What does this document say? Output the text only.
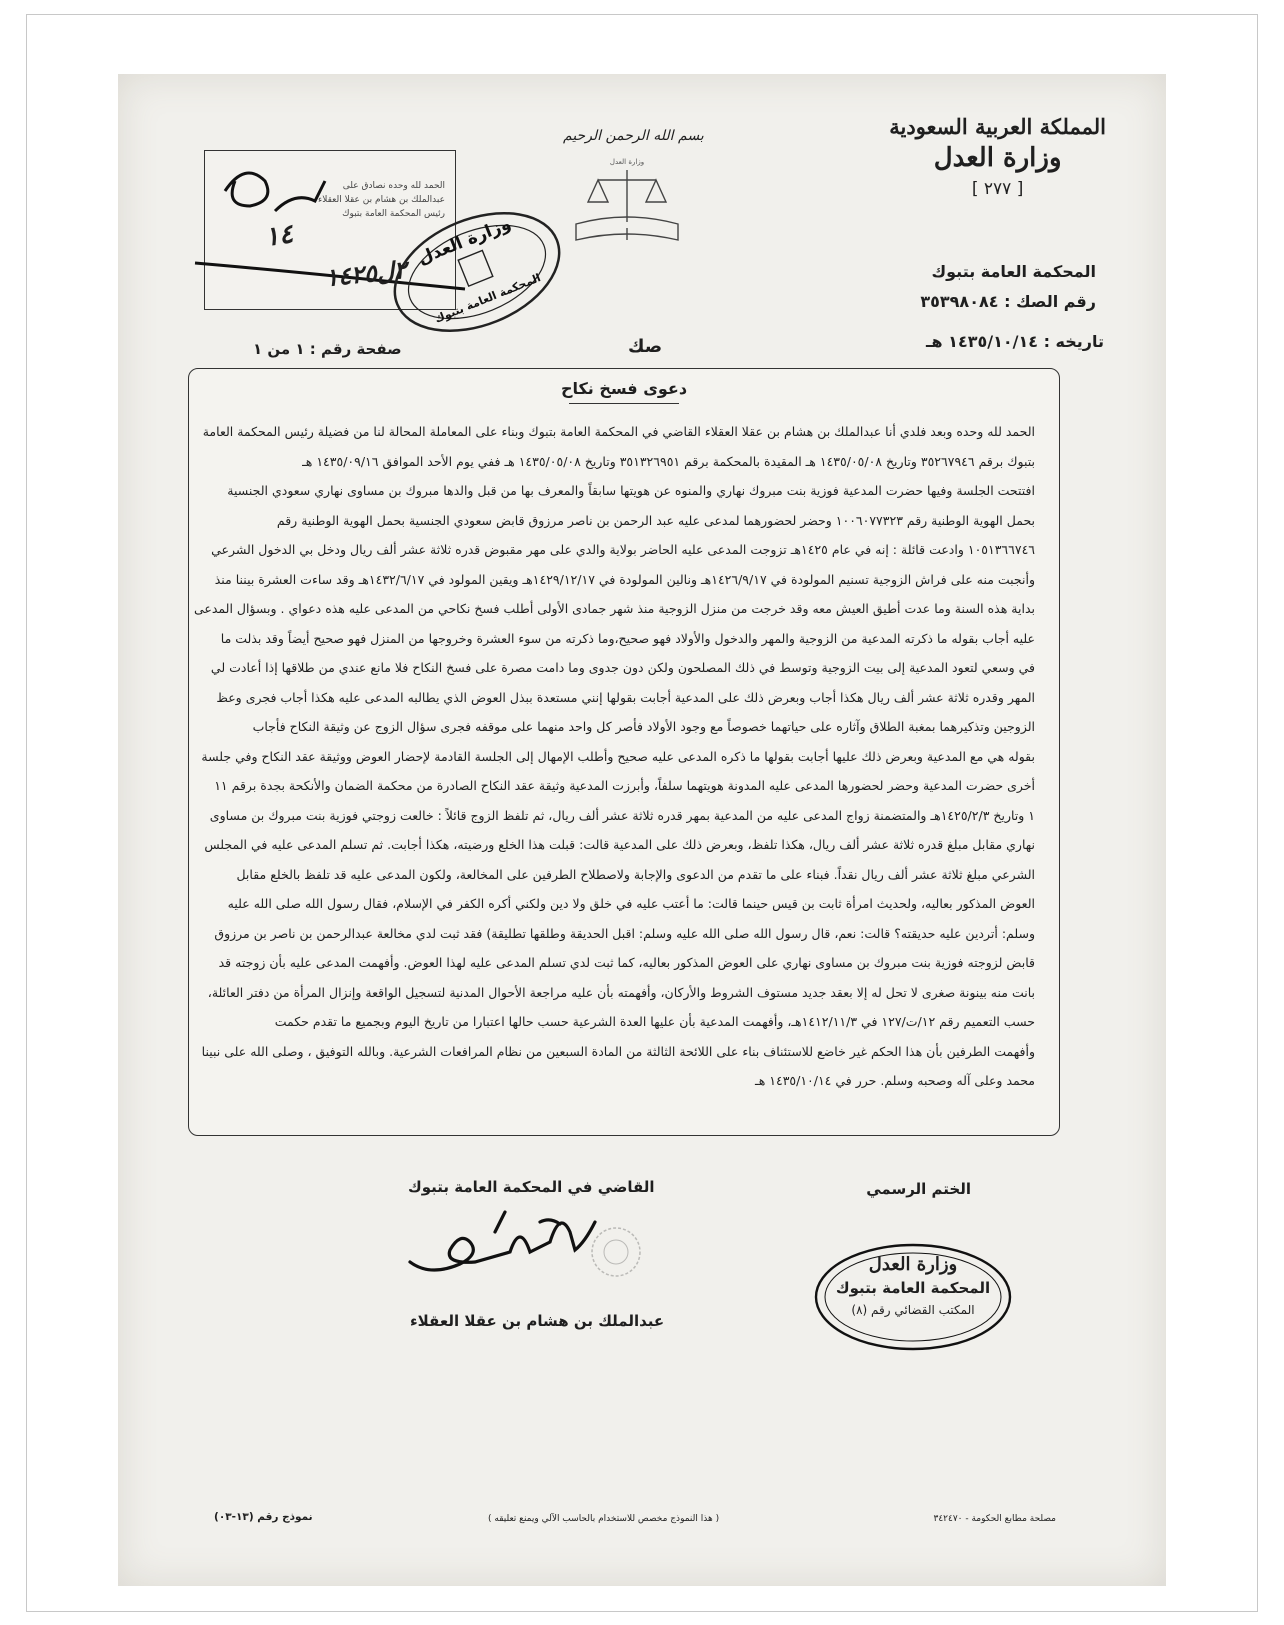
المملكة العربية السعودية
وزارة العدل
[ ٢٧٧ ]
بسم الله الرحمن الرحيم
وزارة العدل
الحمد لله وحده نصادق على
عبدالملك بن هشام بن عقلا العقلاء
رئيس المحكمة العامة بتبوك
١٤
٢ل١٤٢٥
وزارة العدل
المحكمة العامة بتبوك	المحكمة العامة بتبوك
رقم الصك : ٣٥٣٩٨٠٨٤
تاريخه : ١٤٣٥/١٠/١٤ هـ
صك
صفحة رقم : ١ من ١
دعوى فسخ نكاح

الحمد لله وحده وبعد فلدي أنا عبدالملك بن هشام بن عقلا العقلاء القاضي في المحكمة العامة بتبوك وبناء على المعاملة المحالة لنا من فضيلة رئيس المحكمة العامة

بتبوك برقم ٣٥٢٦٧٩٤٦ وتاريخ ١٤٣٥/٠٥/٠٨ هـ المقيدة بالمحكمة برقم ٣٥١٣٢٦٩٥١ وتاريخ ١٤٣٥/٠٥/٠٨ هـ ففي يوم الأحد الموافق ١٤٣٥/٠٩/١٦ هـ

افتتحت الجلسة وفيها حضرت المدعية فوزية بنت مبروك نهاري والمنوه عن هويتها سابقاً والمعرف بها من قبل والدها مبروك بن مساوى نهاري سعودي الجنسية

بحمل الهوية الوطنية رقم ١٠٠٦٠٧٧٣٢٣ وحضر لحضورهما لمدعى عليه عبد الرحمن بن ناصر مرزوق قابض سعودي الجنسية بحمل الهوية الوطنية رقم

١٠٥١٣٦٦٧٤٦ وادعت قائلة : إنه في عام ١٤٢٥هـ تزوجت المدعى عليه الحاضر بولاية والدي على مهر مقبوض قدره ثلاثة عشر ألف ريال ودخل بي الدخول الشرعي

وأنجبت منه على فراش الزوجية تسنيم المولودة في ١٤٢٦/٩/١٧هـ ونالين المولودة في ١٤٢٩/١٢/١٧هـ ويقين المولود في ١٤٣٢/٦/١٧هـ وقد ساءت العشرة بيننا منذ

بداية هذه السنة وما عدت أطيق العيش معه وقد خرجت من منزل الزوجية منذ شهر جمادى الأولى أطلب فسخ نكاحي من المدعى عليه هذه دعواي . وبسؤال المدعى

عليه أجاب بقوله ما ذكرته المدعية من الزوجية والمهر والدخول والأولاد فهو صحيح،وما ذكرته من سوء العشرة وخروجها من المنزل فهو صحيح أيضاً وقد بذلت ما

في وسعي لتعود المدعية إلى بيت الزوجية وتوسط في ذلك المصلحون ولكن دون جدوى وما دامت مصرة على فسخ النكاح فلا مانع عندي من طلاقها إذا أعادت لي

المهر وقدره ثلاثة عشر ألف ريال هكذا أجاب وبعرض ذلك على المدعية أجابت بقولها إنني مستعدة ببذل العوض الذي يطالبه المدعى عليه هكذا أجاب فجرى وعظ

الزوجين وتذكيرهما بمغبة الطلاق وآثاره على حياتهما خصوصاً مع وجود الأولاد فأصر كل واحد منهما على موقفه فجرى سؤال الزوج عن وثيقة النكاح فأجاب

بقوله هي مع المدعية وبعرض ذلك عليها أجابت بقولها ما ذكره المدعى عليه صحيح وأطلب الإمهال إلى الجلسة القادمة لإحضار العوض ووثيقة عقد النكاح وفي جلسة

أخرى حضرت المدعية وحضر لحضورها المدعى عليه المدونة هويتهما سلفاً، وأبرزت المدعية وثيقة عقد النكاح الصادرة من محكمة الضمان والأنكحة بجدة برقم ١١

١ وتاريخ ١٤٢٥/٢/٣هـ والمتضمنة زواج المدعى عليه من المدعية بمهر قدره ثلاثة عشر ألف ريال، ثم تلفظ الزوج قائلاً : خالعت زوجتي فوزية بنت مبروك بن مساوى

نهاري مقابل مبلغ قدره ثلاثة عشر ألف ريال، هكذا تلفظ، وبعرض ذلك على المدعية قالت: قبلت هذا الخلع ورضيته، هكذا أجابت. ثم تسلم المدعى عليه في المجلس

الشرعي مبلغ ثلاثة عشر ألف ريال نقداً. فبناء على ما تقدم من الدعوى والإجابة ولاصطلاح الطرفين على المخالعة، ولكون المدعى عليه قد تلفظ بالخلع مقابل

العوض المذكور بعاليه، ولحديث امرأة ثابت بن قيس حينما قالت: ما أعتب عليه في خلق ولا دين ولكني أكره الكفر في الإسلام، فقال رسول الله صلى الله عليه

وسلم: أتردين عليه حديقته؟ قالت: نعم، قال رسول الله صلى الله عليه وسلم: اقبل الحديقة وطلقها تطليقة) فقد ثبت لدي مخالعة عبدالرحمن بن ناصر بن مرزوق

قابض لزوجته فوزية بنت مبروك بن مساوى نهاري على العوض المذكور بعاليه، كما ثبت لدي تسلم المدعى عليه لهذا العوض. وأفهمت المدعى عليه بأن زوجته قد

بانت منه بينونة صغرى لا تحل له إلا بعقد جديد مستوف الشروط والأركان، وأفهمته بأن عليه مراجعة الأحوال المدنية لتسجيل الواقعة وإنزال المرأة من دفتر العائلة،

حسب التعميم رقم ١٢/ت/١٢٧ في ١٤١٢/١١/٣هـ، وأفهمت المدعية بأن عليها العدة الشرعية حسب حالها اعتبارا من تاريخ اليوم وبجميع ما تقدم حكمت

وأفهمت الطرفين بأن هذا الحكم غير خاضع للاستئناف بناء على اللائحة الثالثة من المادة السبعين من نظام المرافعات الشرعية. وبالله التوفيق ، وصلى الله على نبينا

محمد وعلى آله وصحبه وسلم. حرر في ١٤٣٥/١٠/١٤ هـ

الختم الرسمي
القاضي في المحكمة العامة بتبوك
عبدالملك
عبدالملك بن هشام بن عقلا العقلاء
وزارة العدل
المحكمة العامة بتبوك
المكتب القضائي رقم (٨)
مصلحة مطابع الحكومة - ٣٤٢٤٧٠
( هذا النموذج مخصص للاستخدام بالحاسب الآلي ويمنع تعليقه )
نموذج رقم (١٣-٠٣)
